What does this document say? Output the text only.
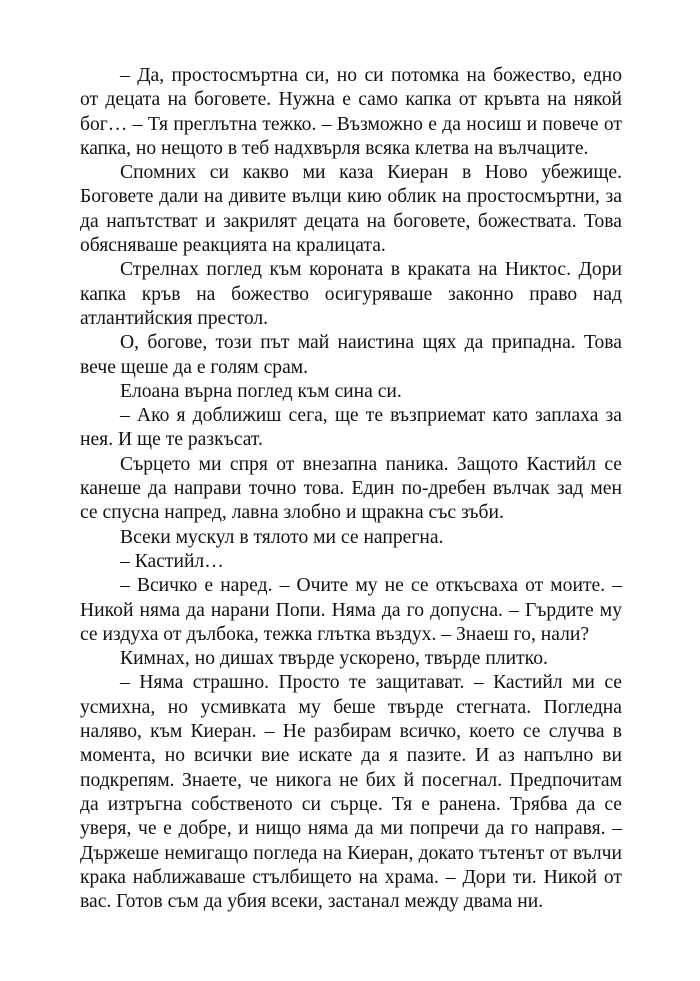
– Да, простосмъртна си, но си потомка на божество, едно от децата на боговете. Нужна е само капка от кръвта на някой бог… – Тя преглътна тежко. – Възможно е да носиш и повече от капка, но нещото в теб надхвърля всяка клетва на вълчаците.

Спомних си какво ми каза Киеран в Ново убежище. Боговете дали на дивите вълци кию облик на простосмъртни, за да напътстват и закрилят децата на боговете, божествата. Това обясняваше реакцията на кралицата.

Стрелнах поглед към короната в краката на Никтос. Дори капка кръв на божество осигуряваше законно право над атлантийския престол.

О, богове, този път май наистина щях да припадна. Това вече щеше да е голям срам.

Елоана върна поглед към сина си.

– Ако я доближиш сега, ще те възприемат като заплаха за нея. И ще те разкъсат.

Сърцето ми спря от внезапна паника. Защото Кастийл се канеше да направи точно това. Един по-дребен вълчак зад мен се спусна напред, лавна злобно и щракна със зъби.

Всеки мускул в тялото ми се напрегна.

– Кастийл…

– Всичко е наред. – Очите му не се откъсваха от моите. – Никой няма да нарани Попи. Няма да го допусна. – Гърдите му се издуха от дълбока, тежка глътка въздух. – Знаеш го, нали?

Кимнах, но дишах твърде ускорено, твърде плитко.

– Няма страшно. Просто те защитават. – Кастийл ми се усмихна, но усмивката му беше твърде стегната. Погледна наляво, към Киеран. – Не разбирам всичко, което се случва в момента, но всички вие искате да я пазите. И аз напълно ви подкрепям. Знаете, че никога не бих й посегнал. Предпочитам да изтръгна собственото си сърце. Тя е ранена. Трябва да се уверя, че е добре, и нищо няма да ми попречи да го направя. – Държеше немигащо погледа на Киеран, докато тътенът от вълчи крака наближаваше стълбището на храма. – Дори ти. Никой от вас. Готов съм да убия всеки, застанал между двама ни.
